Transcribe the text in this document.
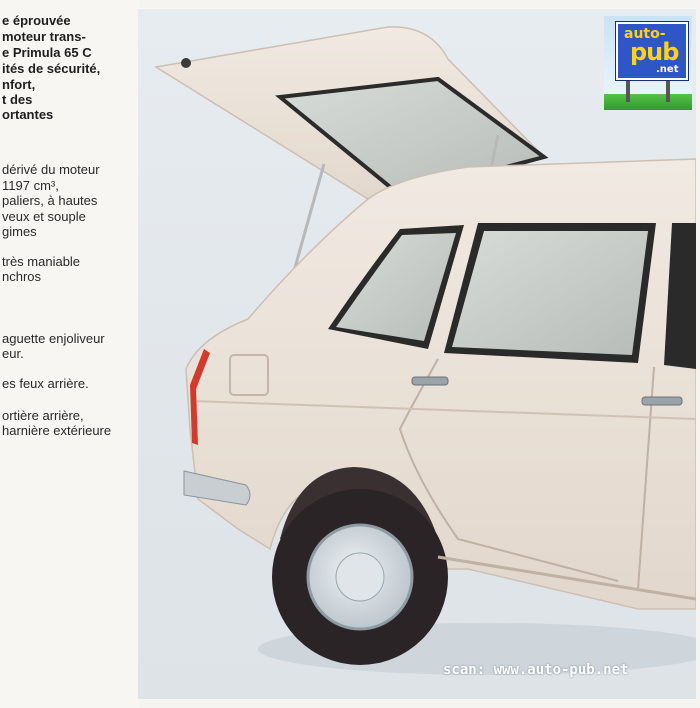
e éprouvée
moteur trans-
e Primula 65 C
ités de sécurité,
nfort,
t des
ortantes
dérivé du moteur
1197 cm³,
paliers, à hautes
veux et souple
gimes
très maniable
nchros
aguette enjoliveur
eur.
es feux arrière.
ortière arrière,
harnière extérieure
auto-
pub
.net
scan: www.auto-pub.net
